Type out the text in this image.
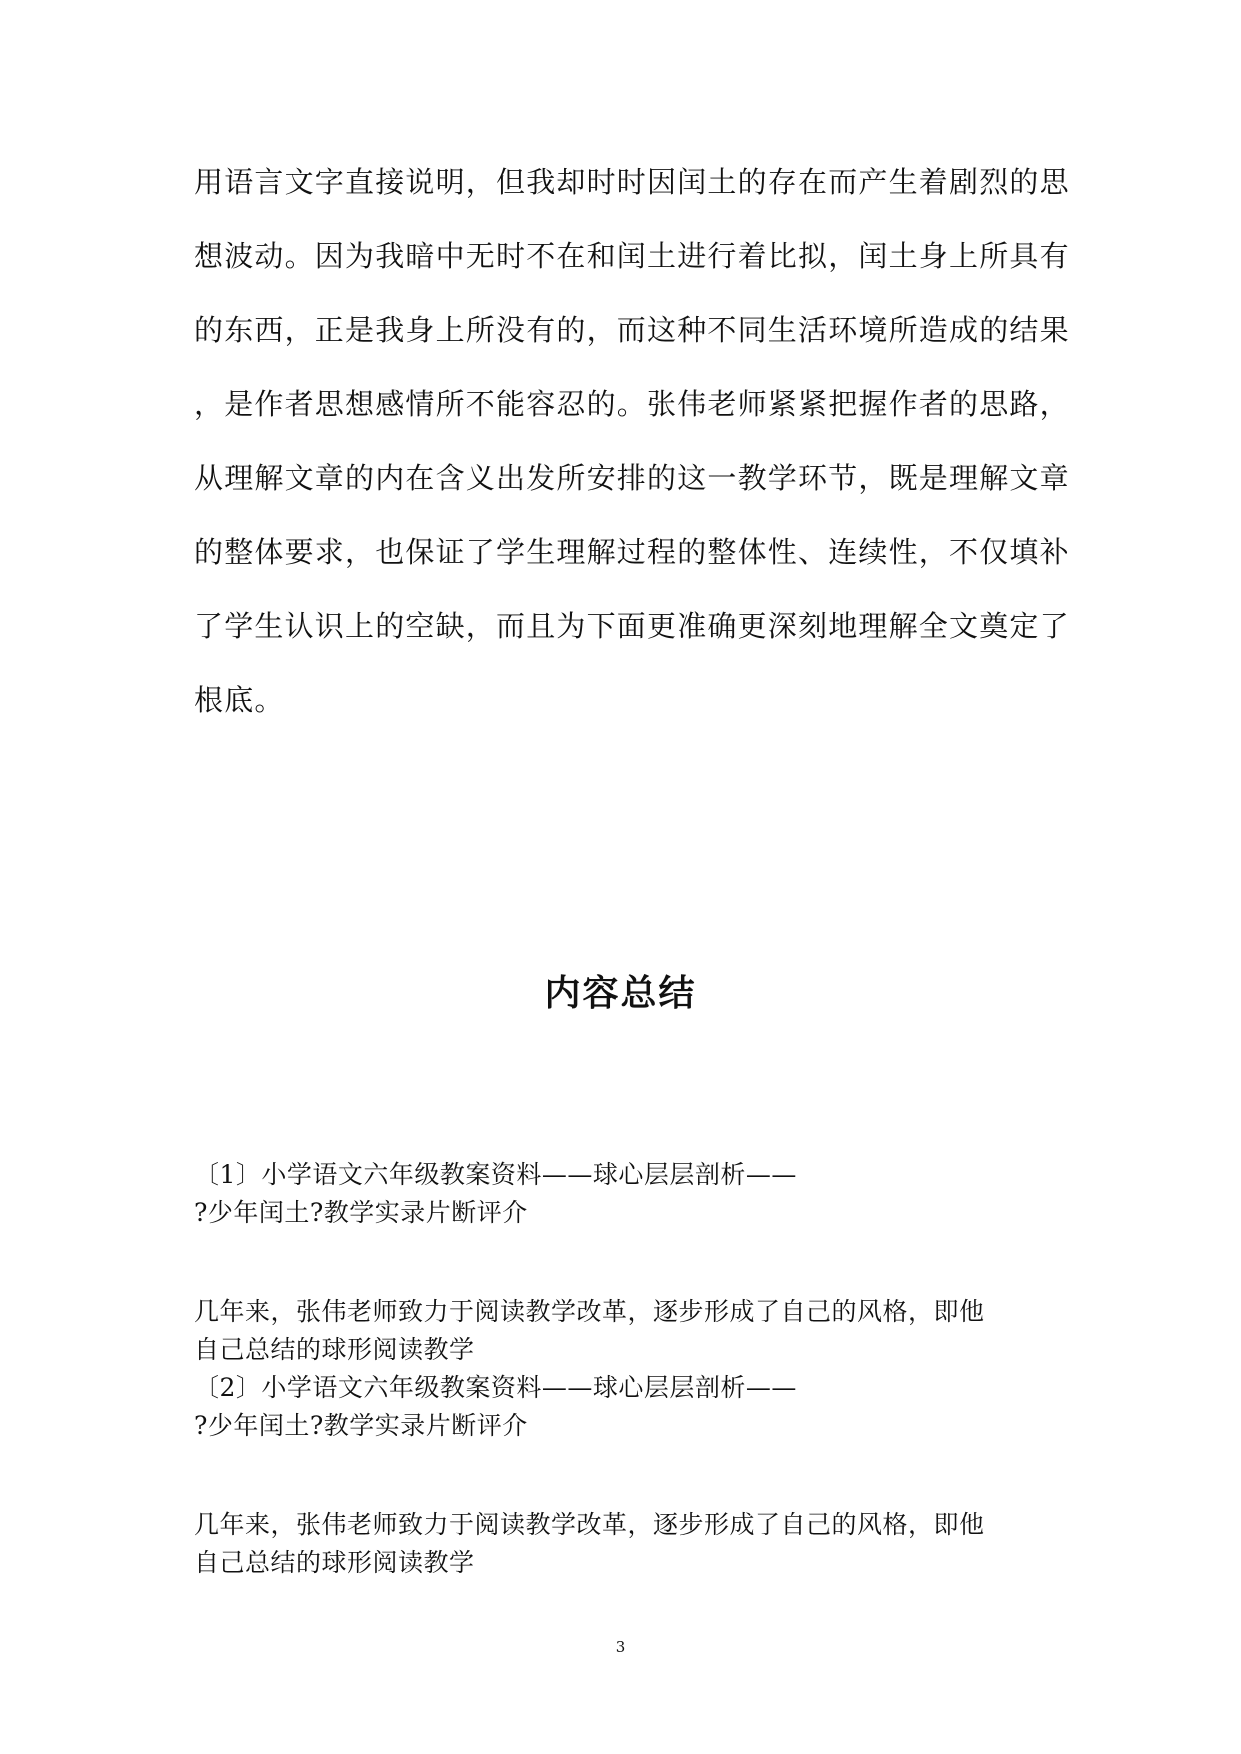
用语言文字直接说明，但我却时时因闰土的存在而产生着剧烈的思
想波动。因为我暗中无时不在和闰土进行着比拟，闰土身上所具有
的东西，正是我身上所没有的，而这种不同生活环境所造成的结果
，是作者思想感情所不能容忍的。张伟老师紧紧把握作者的思路，
从理解文章的内在含义出发所安排的这一教学环节，既是理解文章
的整体要求，也保证了学生理解过程的整体性、连续性，不仅填补
了学生认识上的空缺，而且为下面更准确更深刻地理解全文奠定了
根底。
内容总结
〔1〕小学语文六年级教案资料——球心层层剖析——
?少年闰土?教学实录片断评介
几年来，张伟老师致力于阅读教学改革，逐步形成了自己的风格，即他
自己总结的球形阅读教学
〔2〕小学语文六年级教案资料——球心层层剖析——
?少年闰土?教学实录片断评介
几年来，张伟老师致力于阅读教学改革，逐步形成了自己的风格，即他
自己总结的球形阅读教学

3
